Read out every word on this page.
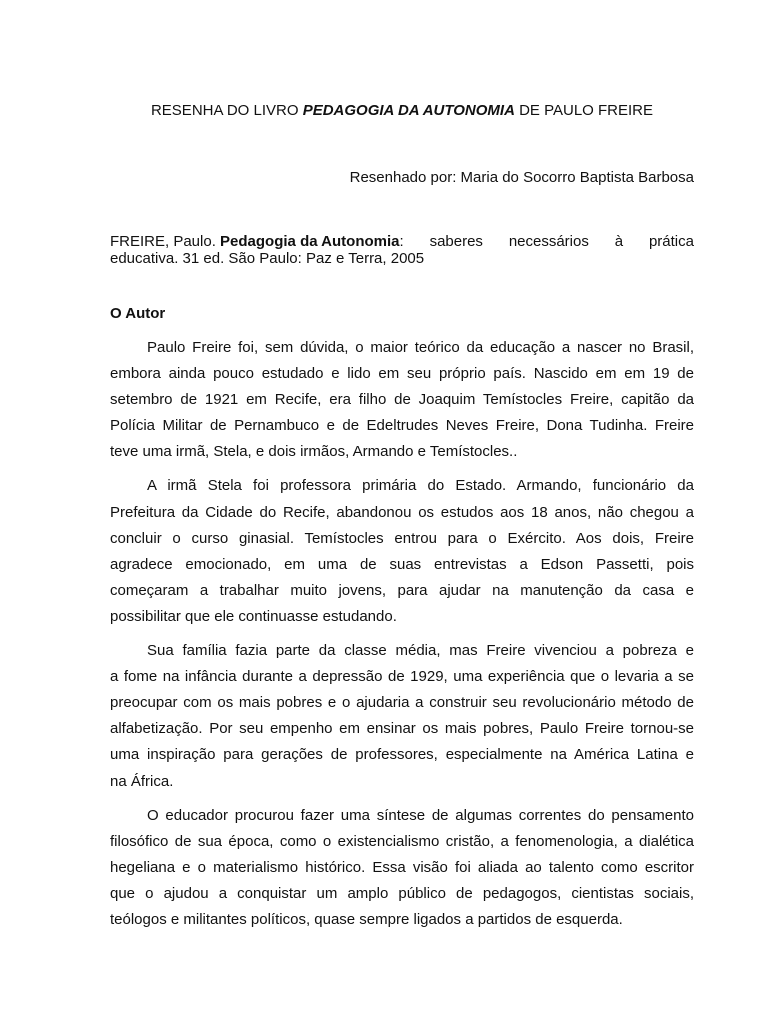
RESENHA DO LIVRO PEDAGOGIA DA AUTONOMIA DE PAULO FREIRE
Resenhado por: Maria do Socorro Baptista Barbosa
FREIRE, Paulo. Pedagogia da Autonomia: saberes necessários à prática
educativa. 31 ed. São Paulo: Paz e Terra, 2005
O Autor
Paulo Freire foi, sem dúvida, o maior teórico da educação a nascer no Brasil,
embora ainda pouco estudado e lido em seu próprio país. Nascido em em 19 de
setembro de 1921 em Recife, era filho de Joaquim Temístocles Freire, capitão da
Polícia Militar de Pernambuco e de Edeltrudes Neves Freire, Dona Tudinha. Freire
teve uma irmã, Stela, e dois irmãos, Armando e Temístocles..
A irmã Stela foi professora primária do Estado. Armando, funcionário da
Prefeitura da Cidade do Recife, abandonou os estudos aos 18 anos, não chegou a
concluir o curso ginasial. Temístocles entrou para o Exército. Aos dois, Freire
agradece emocionado, em uma de suas entrevistas a Edson Passetti, pois
começaram a trabalhar muito jovens, para ajudar na manutenção da casa e
possibilitar que ele continuasse estudando.
Sua família fazia parte da classe média, mas Freire vivenciou a pobreza e
a fome na infância durante a depressão de 1929, uma experiência que o levaria a se
preocupar com os mais pobres e o ajudaria a construir seu revolucionário método de
alfabetização. Por seu empenho em ensinar os mais pobres, Paulo Freire tornou-se
uma inspiração para gerações de professores, especialmente na América Latina e
na África.
O educador procurou fazer uma síntese de algumas correntes do pensamento
filosófico de sua época, como o existencialismo cristão, a fenomenologia, a dialética
hegeliana e o materialismo histórico. Essa visão foi aliada ao talento como escritor
que o ajudou a conquistar um amplo público de pedagogos, cientistas sociais,
teólogos e militantes políticos, quase sempre ligados a partidos de esquerda.
